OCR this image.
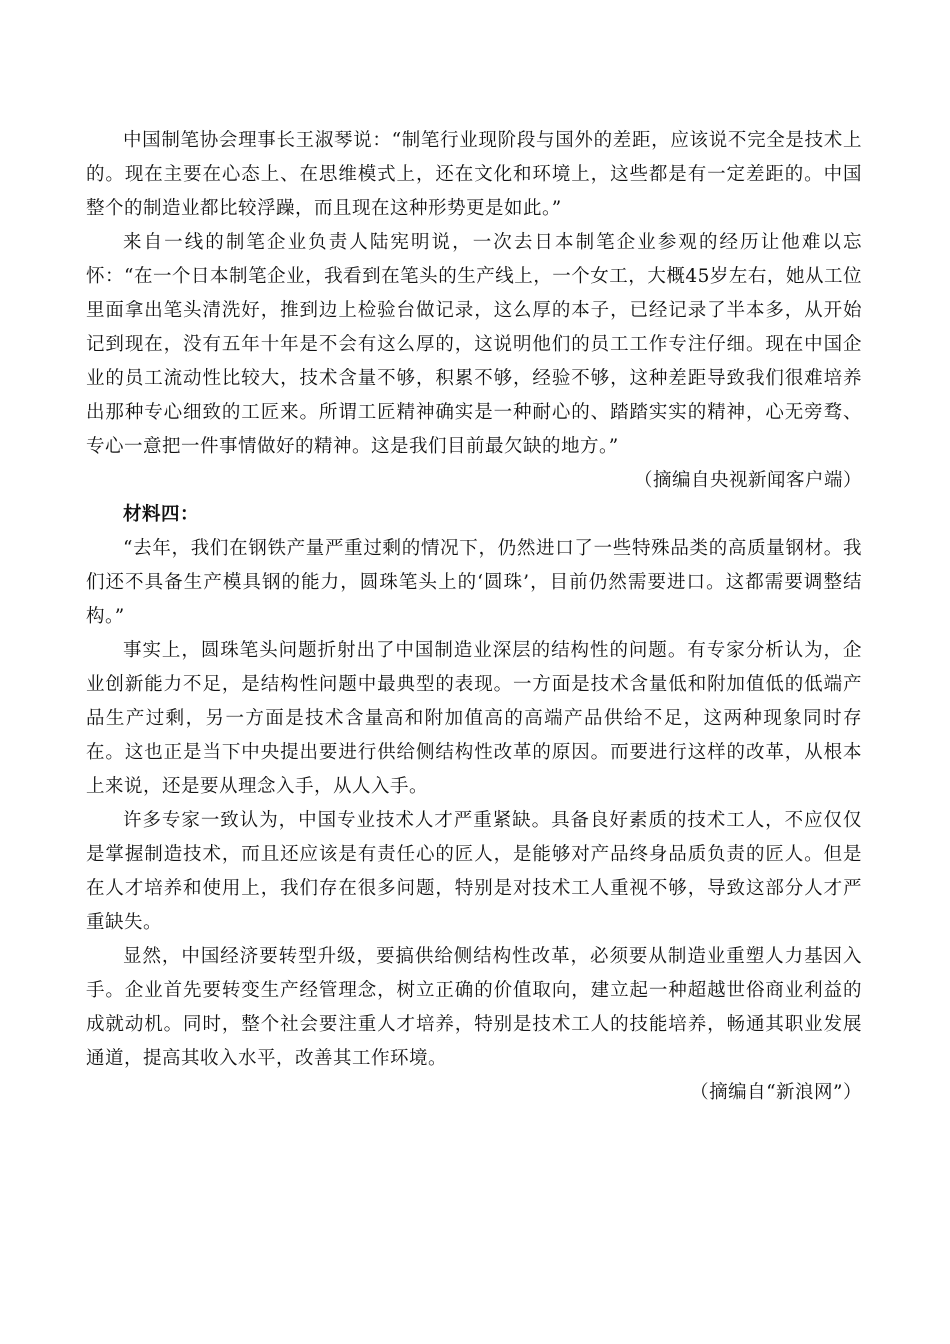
中国制笔协会理事长王淑琴说：“制笔行业现阶段与国外的差距，应该说不完全是技术上的。现在主要在心态上、在思维模式上，还在文化和环境上，这些都是有一定差距的。中国整个的制造业都比较浮躁，而且现在这种形势更是如此。”

来自一线的制笔企业负责人陆宪明说，一次去日本制笔企业参观的经历让他难以忘怀：“在一个日本制笔企业，我看到在笔头的生产线上，一个女工，大概45岁左右，她从工位里面拿出笔头清洗好，推到边上检验台做记录，这么厚的本子，已经记录了半本多，从开始记到现在，没有五年十年是不会有这么厚的，这说明他们的员工工作专注仔细。现在中国企业的员工流动性比较大，技术含量不够，积累不够，经验不够，这种差距导致我们很难培养出那种专心细致的工匠来。所谓工匠精神确实是一种耐心的、踏踏实实的精神，心无旁骛、专心一意把一件事情做好的精神。这是我们目前最欠缺的地方。”

（摘编自央视新闻客户端）
材料四：

“去年，我们在钢铁产量严重过剩的情况下，仍然进口了一些特殊品类的高质量钢材。我们还不具备生产模具钢的能力，圆珠笔头上的‘圆珠’，目前仍然需要进口。这都需要调整结构。”

事实上，圆珠笔头问题折射出了中国制造业深层的结构性的问题。有专家分析认为，企业创新能力不足，是结构性问题中最典型的表现。一方面是技术含量低和附加值低的低端产品生产过剩，另一方面是技术含量高和附加值高的高端产品供给不足，这两种现象同时存在。这也正是当下中央提出要进行供给侧结构性改革的原因。而要进行这样的改革，从根本上来说，还是要从理念入手，从人入手。

许多专家一致认为，中国专业技术人才严重紧缺。具备良好素质的技术工人，不应仅仅是掌握制造技术，而且还应该是有责任心的匠人，是能够对产品终身品质负责的匠人。但是在人才培养和使用上，我们存在很多问题，特别是对技术工人重视不够，导致这部分人才严重缺失。

显然，中国经济要转型升级，要搞供给侧结构性改革，必须要从制造业重塑人力基因入手。企业首先要转变生产经管理念，树立正确的价值取向，建立起一种超越世俗商业利益的成就动机。同时，整个社会要注重人才培养，特别是技术工人的技能培养，畅通其职业发展通道，提高其收入水平，改善其工作环境。

（摘编自“新浪网”）
